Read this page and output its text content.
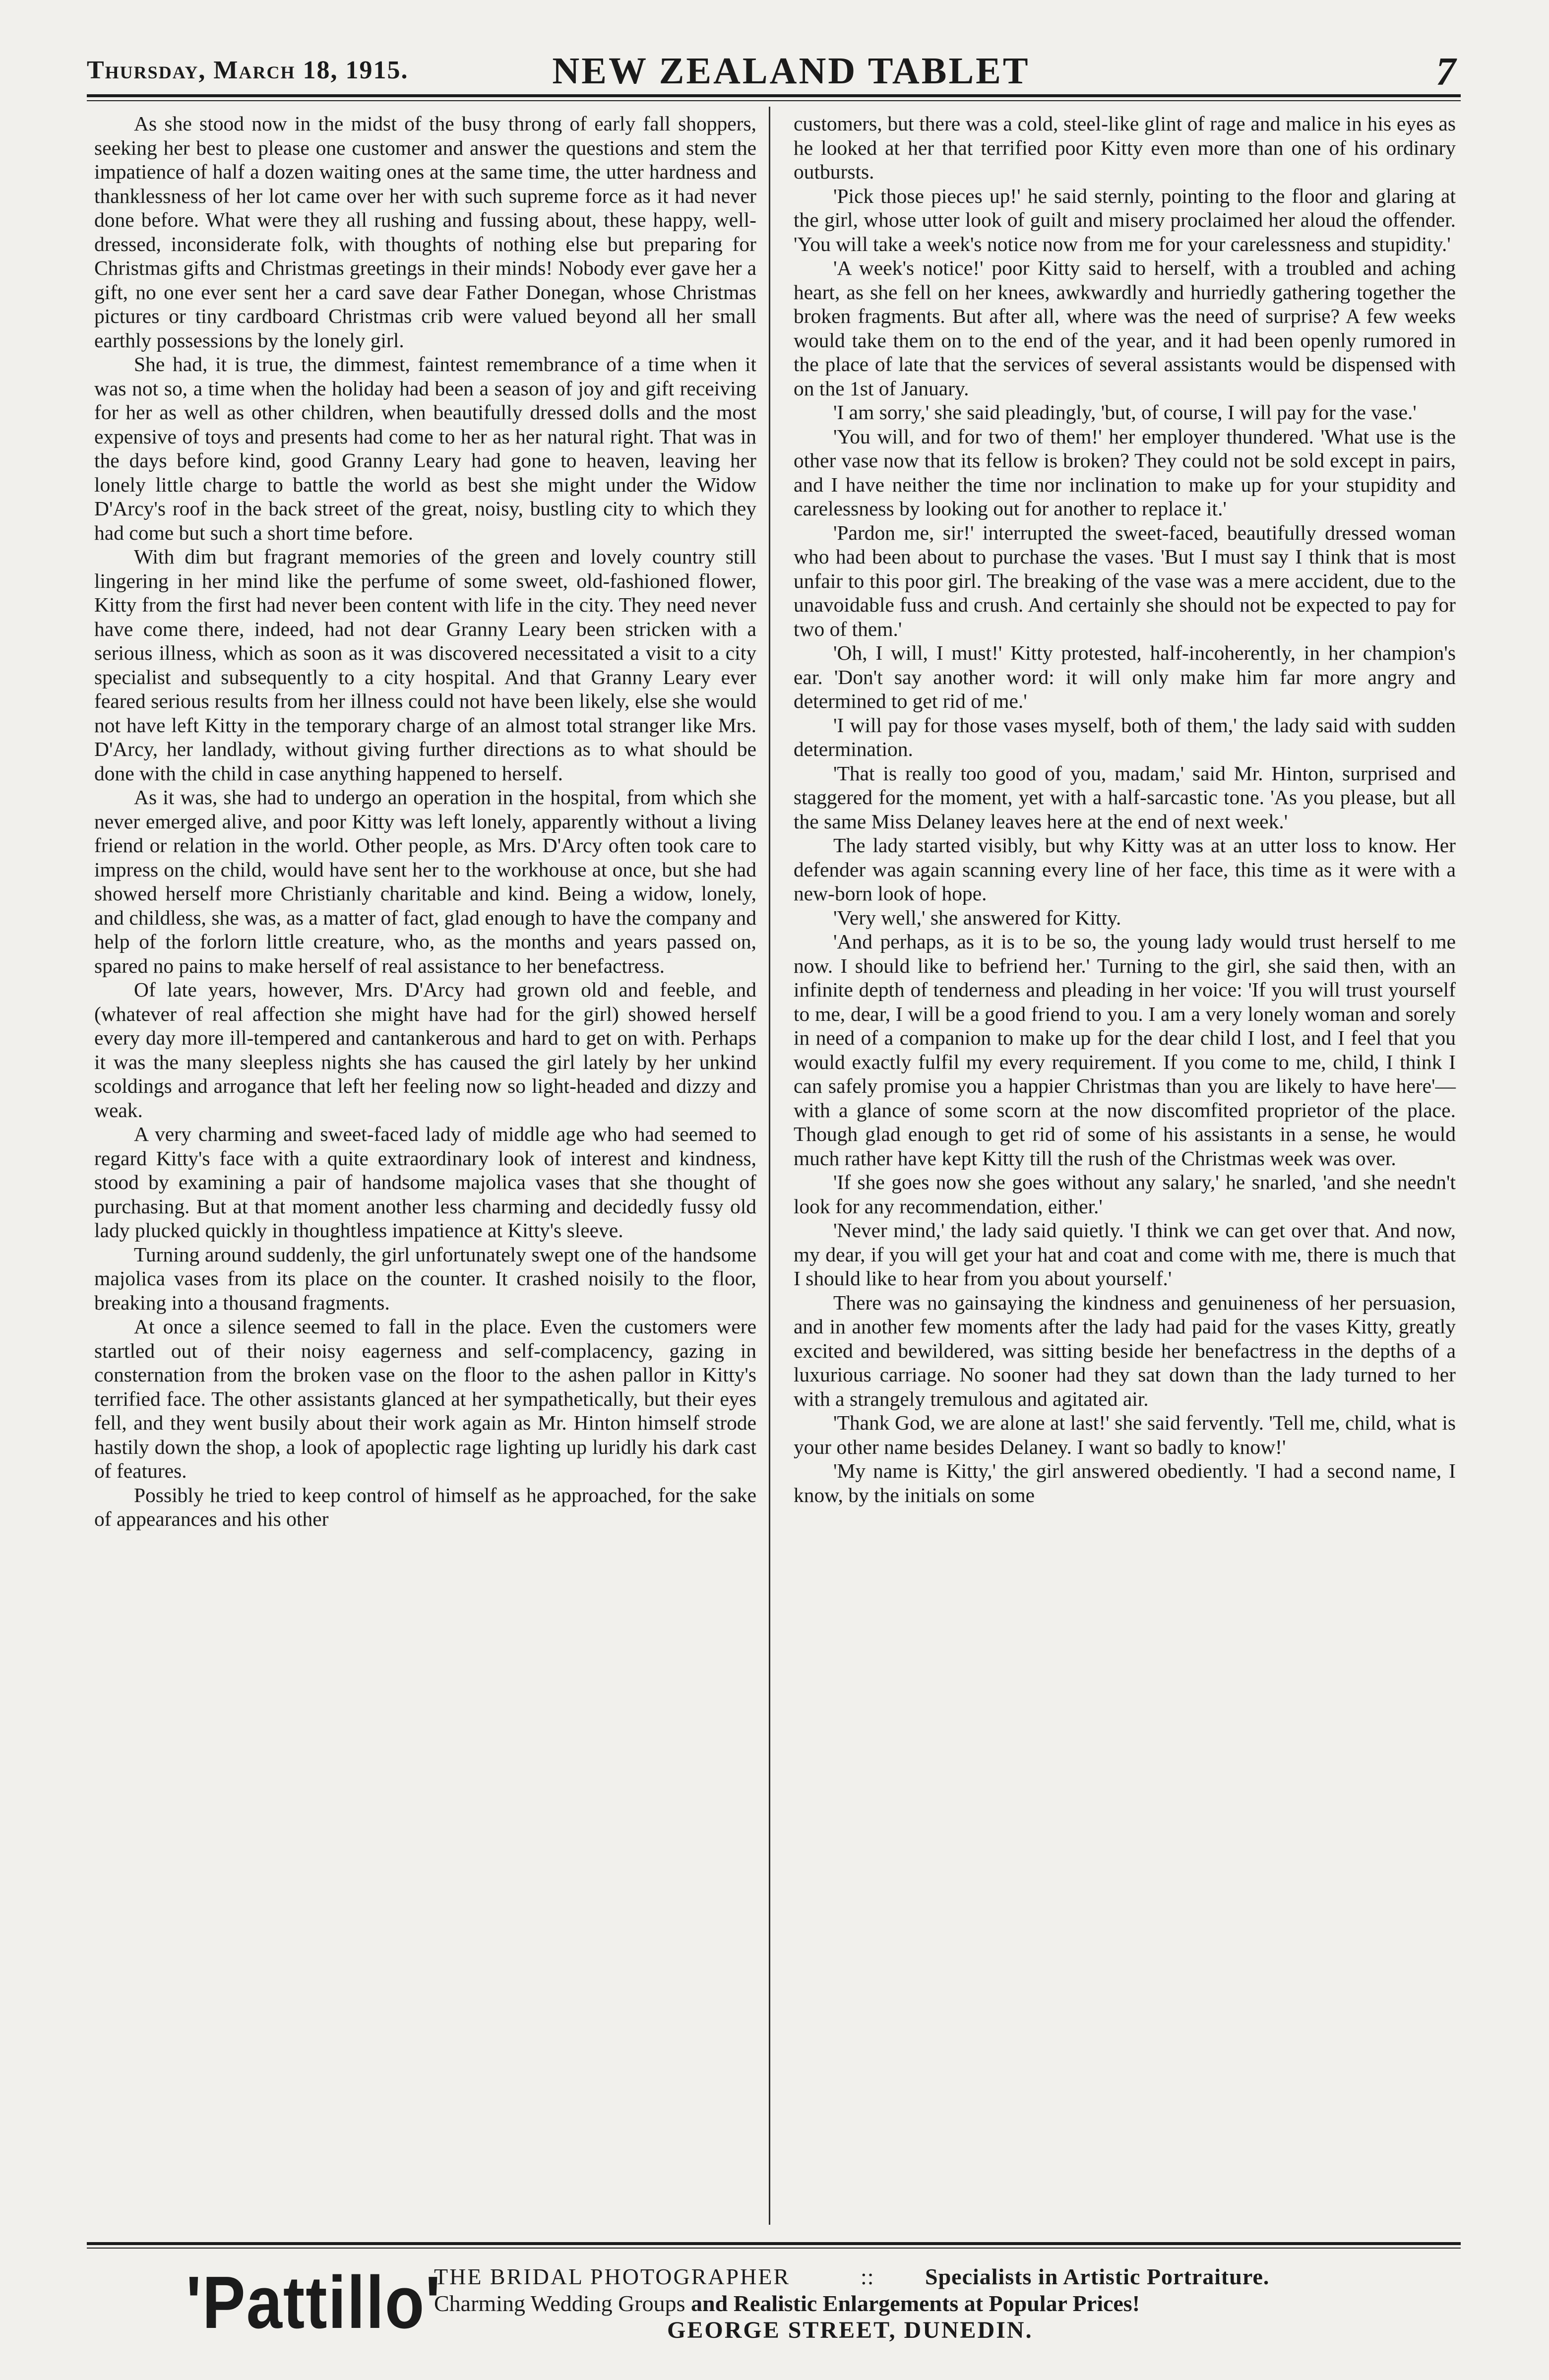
Thursday, March 18, 1915.	NEW ZEALAND TABLET	7

As she stood now in the midst of the busy throng of early fall shoppers, seeking her best to please one customer and answer the questions and stem the impatience of half a dozen waiting ones at the same time, the utter hardness and thanklessness of her lot came over her with such supreme force as it had never done before. What were they all rushing and fussing about, these happy, well-dressed, inconsiderate folk, with thoughts of nothing else but preparing for Christmas gifts and Christmas greetings in their minds! Nobody ever gave her a gift, no one ever sent her a card save dear Father Donegan, whose Christmas pictures or tiny cardboard Christmas crib were valued beyond all her small earthly possessions by the lonely girl.

She had, it is true, the dimmest, faintest remembrance of a time when it was not so, a time when the holiday had been a season of joy and gift receiving for her as well as other children, when beautifully dressed dolls and the most expensive of toys and presents had come to her as her natural right. That was in the days before kind, good Granny Leary had gone to heaven, leaving her lonely little charge to battle the world as best she might under the Widow D'Arcy's roof in the back street of the great, noisy, bustling city to which they had come but such a short time before.

With dim but fragrant memories of the green and lovely country still lingering in her mind like the perfume of some sweet, old-fashioned flower, Kitty from the first had never been content with life in the city. They need never have come there, indeed, had not dear Granny Leary been stricken with a serious illness, which as soon as it was discovered necessitated a visit to a city specialist and subsequently to a city hospital. And that Granny Leary ever feared serious results from her illness could not have been likely, else she would not have left Kitty in the temporary charge of an almost total stranger like Mrs. D'Arcy, her landlady, without giving further directions as to what should be done with the child in case anything happened to herself.

As it was, she had to undergo an operation in the hospital, from which she never emerged alive, and poor Kitty was left lonely, apparently without a living friend or relation in the world. Other people, as Mrs. D'Arcy often took care to impress on the child, would have sent her to the workhouse at once, but she had showed herself more Christianly charitable and kind. Being a widow, lonely, and childless, she was, as a matter of fact, glad enough to have the company and help of the forlorn little creature, who, as the months and years passed on, spared no pains to make herself of real assistance to her benefactress.

Of late years, however, Mrs. D'Arcy had grown old and feeble, and (whatever of real affection she might have had for the girl) showed herself every day more ill-tempered and cantankerous and hard to get on with. Perhaps it was the many sleepless nights she has caused the girl lately by her unkind scoldings and arrogance that left her feeling now so light-headed and dizzy and weak.

A very charming and sweet-faced lady of middle age who had seemed to regard Kitty's face with a quite extraordinary look of interest and kindness, stood by examining a pair of handsome majolica vases that she thought of purchasing. But at that moment another less charming and decidedly fussy old lady plucked quickly in thoughtless impatience at Kitty's sleeve.

Turning around suddenly, the girl unfortunately swept one of the handsome majolica vases from its place on the counter. It crashed noisily to the floor, breaking into a thousand fragments.

At once a silence seemed to fall in the place. Even the customers were startled out of their noisy eagerness and self-complacency, gazing in consternation from the broken vase on the floor to the ashen pallor in Kitty's terrified face. The other assistants glanced at her sympathetically, but their eyes fell, and they went busily about their work again as Mr. Hinton himself strode hastily down the shop, a look of apoplectic rage lighting up luridly his dark cast of features.

Possibly he tried to keep control of himself as he approached, for the sake of appearances and his other

customers, but there was a cold, steel-like glint of rage and malice in his eyes as he looked at her that terrified poor Kitty even more than one of his ordinary outbursts.

'Pick those pieces up!' he said sternly, pointing to the floor and glaring at the girl, whose utter look of guilt and misery proclaimed her aloud the offender. 'You will take a week's notice now from me for your carelessness and stupidity.'

'A week's notice!' poor Kitty said to herself, with a troubled and aching heart, as she fell on her knees, awkwardly and hurriedly gathering together the broken fragments. But after all, where was the need of surprise? A few weeks would take them on to the end of the year, and it had been openly rumored in the place of late that the services of several assistants would be dispensed with on the 1st of January.

'I am sorry,' she said pleadingly, 'but, of course, I will pay for the vase.'

'You will, and for two of them!' her employer thundered. 'What use is the other vase now that its fellow is broken? They could not be sold except in pairs, and I have neither the time nor inclination to make up for your stupidity and carelessness by looking out for another to replace it.'

'Pardon me, sir!' interrupted the sweet-faced, beautifully dressed woman who had been about to purchase the vases. 'But I must say I think that is most unfair to this poor girl. The breaking of the vase was a mere accident, due to the unavoidable fuss and crush. And certainly she should not be expected to pay for two of them.'

'Oh, I will, I must!' Kitty protested, half-incoherently, in her champion's ear. 'Don't say another word: it will only make him far more angry and determined to get rid of me.'

'I will pay for those vases myself, both of them,' the lady said with sudden determination.

'That is really too good of you, madam,' said Mr. Hinton, surprised and staggered for the moment, yet with a half-sarcastic tone. 'As you please, but all the same Miss Delaney leaves here at the end of next week.'

The lady started visibly, but why Kitty was at an utter loss to know. Her defender was again scanning every line of her face, this time as it were with a new-born look of hope.

'Very well,' she answered for Kitty.

'And perhaps, as it is to be so, the young lady would trust herself to me now. I should like to befriend her.' Turning to the girl, she said then, with an infinite depth of tenderness and pleading in her voice: 'If you will trust yourself to me, dear, I will be a good friend to you. I am a very lonely woman and sorely in need of a companion to make up for the dear child I lost, and I feel that you would exactly fulfil my every requirement. If you come to me, child, I think I can safely promise you a happier Christmas than you are likely to have here'—with a glance of some scorn at the now discomfited proprietor of the place. Though glad enough to get rid of some of his assistants in a sense, he would much rather have kept Kitty till the rush of the Christmas week was over.

'If she goes now she goes without any salary,' he snarled, 'and she needn't look for any recommendation, either.'

'Never mind,' the lady said quietly. 'I think we can get over that. And now, my dear, if you will get your hat and coat and come with me, there is much that I should like to hear from you about yourself.'

There was no gainsaying the kindness and genuineness of her persuasion, and in another few moments after the lady had paid for the vases Kitty, greatly excited and bewildered, was sitting beside her benefactress in the depths of a luxurious carriage. No sooner had they sat down than the lady turned to her with a strangely tremulous and agitated air.

'Thank God, we are alone at last!' she said fervently. 'Tell me, child, what is your other name besides Delaney. I want so badly to know!'

'My name is Kitty,' the girl answered obediently. 'I had a second name, I know, by the initials on some

'Pattillo'
THE BRIDAL PHOTOGRAPHER	:: Specialists in Artistic Portraiture.
Charming Wedding Groups and Realistic Enlargements at Popular Prices!
GEORGE STREET, DUNEDIN.
